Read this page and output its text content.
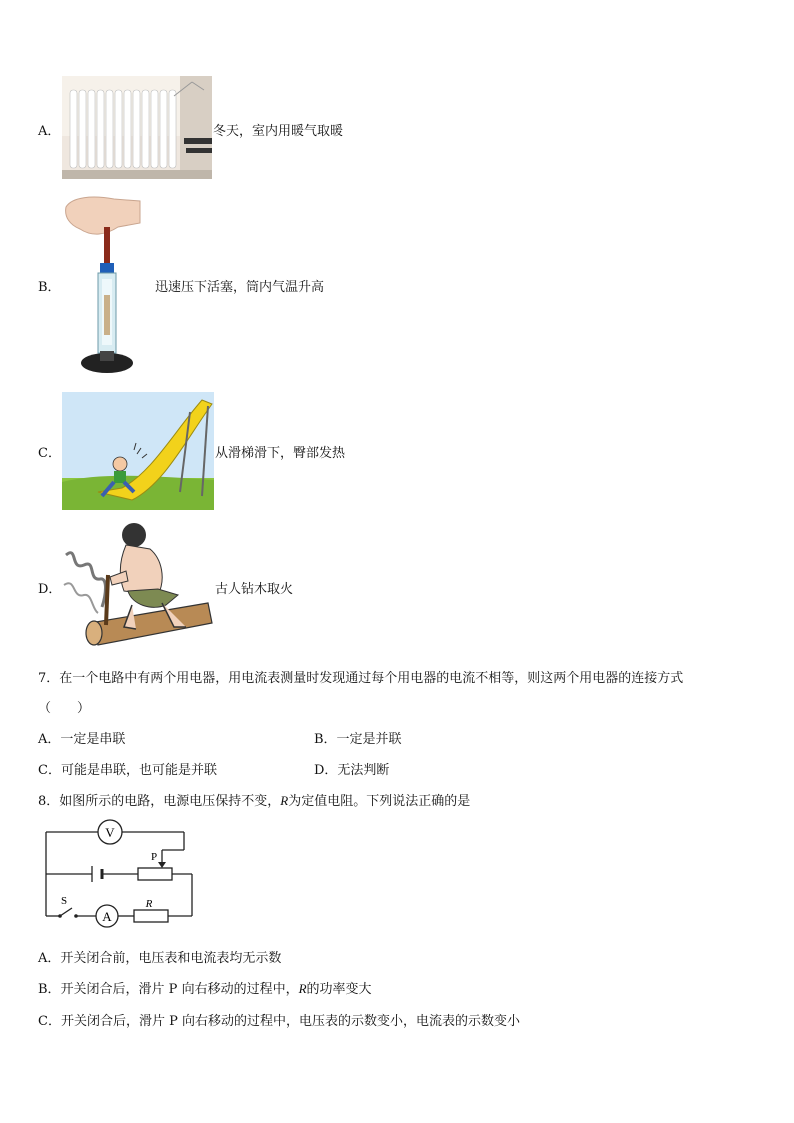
A．	冬天，室内用暖气取暖
B．	迅速压下活塞，筒内气温升高
C．	从滑梯滑下，臀部发热
D．	古人钻木取火
7．在一个电路中有两个用电器，用电流表测量时发现通过每个用电器的电流不相等，则这两个用电器的连接方式
（　　）
A．一定是串联	B．一定是并联
C．可能是串联，也可能是并联	D．无法判断
8．如图所示的电路，电源电压保持不变，R为定值电阻。下列说法正确的是
V
A
S
P
R
A．开关闭合前，电压表和电流表均无示数
B．开关闭合后，滑片 P 向右移动的过程中，R的功率变大
C．开关闭合后，滑片 P 向右移动的过程中，电压表的示数变小，电流表的示数变小
